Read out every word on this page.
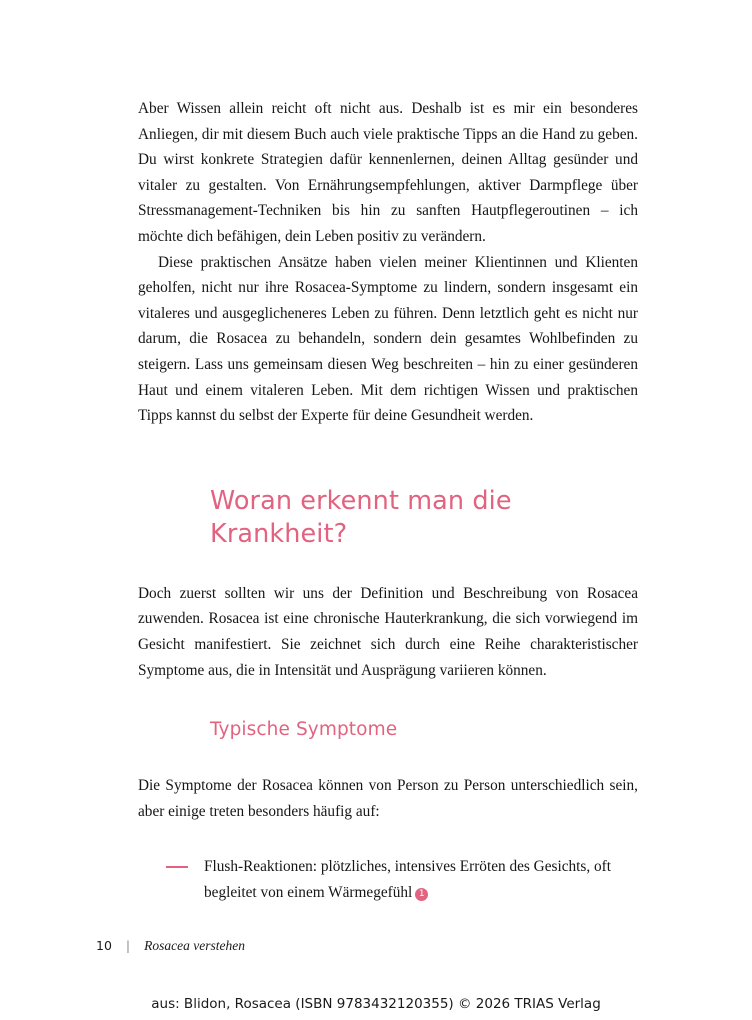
Aber Wissen allein reicht oft nicht aus. Deshalb ist es mir ein besonderes Anliegen, dir mit diesem Buch auch viele praktische Tipps an die Hand zu geben. Du wirst konkrete Strategien dafür kennenlernen, deinen Alltag gesünder und vitaler zu gestalten. Von Ernährungsempfehlungen, aktiver Darmpflege über Stressmanagement-Techniken bis hin zu sanften Hautpflegeroutinen – ich möchte dich befähigen, dein Leben positiv zu verändern.

Diese praktischen Ansätze haben vielen meiner Klientinnen und Klienten geholfen, nicht nur ihre Rosacea-Symptome zu lindern, sondern insgesamt ein vitaleres und ausgeglicheneres Leben zu führen. Denn letztlich geht es nicht nur darum, die Rosacea zu behandeln, sondern dein gesamtes Wohlbefinden zu steigern. Lass uns gemeinsam diesen Weg beschreiten – hin zu einer gesünderen Haut und einem vitaleren Leben. Mit dem richtigen Wissen und praktischen Tipps kannst du selbst der Experte für deine Gesundheit werden.

Woran erkennt man die Krankheit?

Doch zuerst sollten wir uns der Definition und Beschreibung von Rosacea zuwenden. Rosacea ist eine chronische Hauterkrankung, die sich vorwiegend im Gesicht manifestiert. Sie zeichnet sich durch eine Reihe charakteristischer Symptome aus, die in Intensität und Ausprägung variieren können.

Typische Symptome

Die Symptome der Rosacea können von Person zu Person unterschiedlich sein, aber einige treten besonders häufig auf:

Flush-Reaktionen: plötzliches, intensives Erröten des Gesichts, oft begleitet von einem Wärmegefühl 1
10 | Rosacea verstehen
aus: Blidon, Rosacea (ISBN 9783432120355) © 2026 TRIAS Verlag
